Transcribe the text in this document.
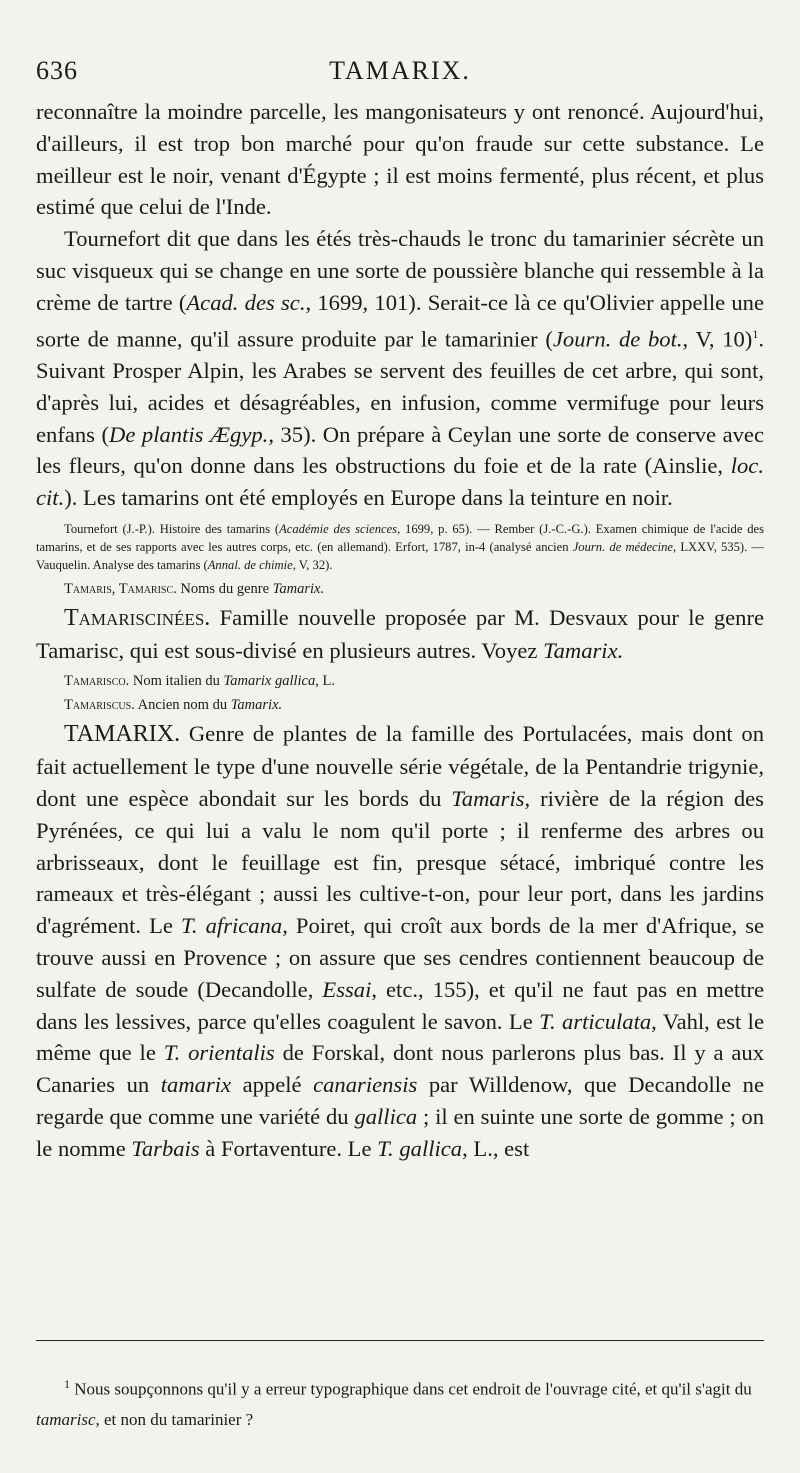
636	TAMARIX.

reconnaître la moindre parcelle, les mangonisateurs y ont renoncé. Aujourd'hui, d'ailleurs, il est trop bon marché pour qu'on fraude sur cette substance. Le meilleur est le noir, venant d'Égypte ; il est moins fermenté, plus récent, et plus estimé que celui de l'Inde.

Tournefort dit que dans les étés très-chauds le tronc du tamarinier sécrète un suc visqueux qui se change en une sorte de poussière blanche qui ressemble à la crème de tartre (Acad. des sc., 1699, 101). Serait-ce là ce qu'Olivier appelle une sorte de manne, qu'il assure produite par le tamarinier (Journ. de bot., V, 10)$^1$. Suivant Prosper Alpin, les Arabes se servent des feuilles de cet arbre, qui sont, d'après lui, acides et désagréables, en infusion, comme vermifuge pour leurs enfans (De plantis Ægyp., 35). On prépare à Ceylan une sorte de conserve avec les fleurs, qu'on donne dans les obstructions du foie et de la rate (Ainslie, loc. cit.). Les tamarins ont été employés en Europe dans la teinture en noir.

Tournefort (J.-P.). Histoire des tamarins (Académie des sciences, 1699, p. 65). — Rember (J.-C.-G.). Examen chimique de l'acide des tamarins, et de ses rapports avec les autres corps, etc. (en allemand). Erfort, 1787, in-4 (analysé ancien Journ. de médecine, LXXV, 535). — Vauquelin. Analyse des tamarins (Annal. de chimie, V, 32).

Tamaris, Tamarisc. Noms du genre Tamarix.

Tamariscinées. Famille nouvelle proposée par M. Desvaux pour le genre Tamarisc, qui est sous-divisé en plusieurs autres. Voyez Tamarix.

Tamarisco. Nom italien du Tamarix gallica, L.

Tamariscus. Ancien nom du Tamarix.

TAMARIX. Genre de plantes de la famille des Portulacées, mais dont on fait actuellement le type d'une nouvelle série végétale, de la Pentandrie trigynie, dont une espèce abondait sur les bords du Tamaris, rivière de la région des Pyrénées, ce qui lui a valu le nom qu'il porte ; il renferme des arbres ou arbrisseaux, dont le feuillage est fin, presque sétacé, imbriqué contre les rameaux et très-élégant ; aussi les cultive-t-on, pour leur port, dans les jardins d'agrément. Le T. africana, Poiret, qui croît aux bords de la mer d'Afrique, se trouve aussi en Provence ; on assure que ses cendres contiennent beaucoup de sulfate de soude (Decandolle, Essai, etc., 155), et qu'il ne faut pas en mettre dans les lessives, parce qu'elles coagulent le savon. Le T. articulata, Vahl, est le même que le T. orientalis de Forskal, dont nous parlerons plus bas. Il y a aux Canaries un tamarix appelé canariensis par Willdenow, que Decandolle ne regarde que comme une variété du gallica ; il en suinte une sorte de gomme ; on le nomme Tarbais à Fortaventure. Le T. gallica, L., est

$^1$ Nous soupçonnons qu'il y a erreur typographique dans cet endroit de l'ouvrage cité, et qu'il s'agit du tamarisc, et non du tamarinier ?
